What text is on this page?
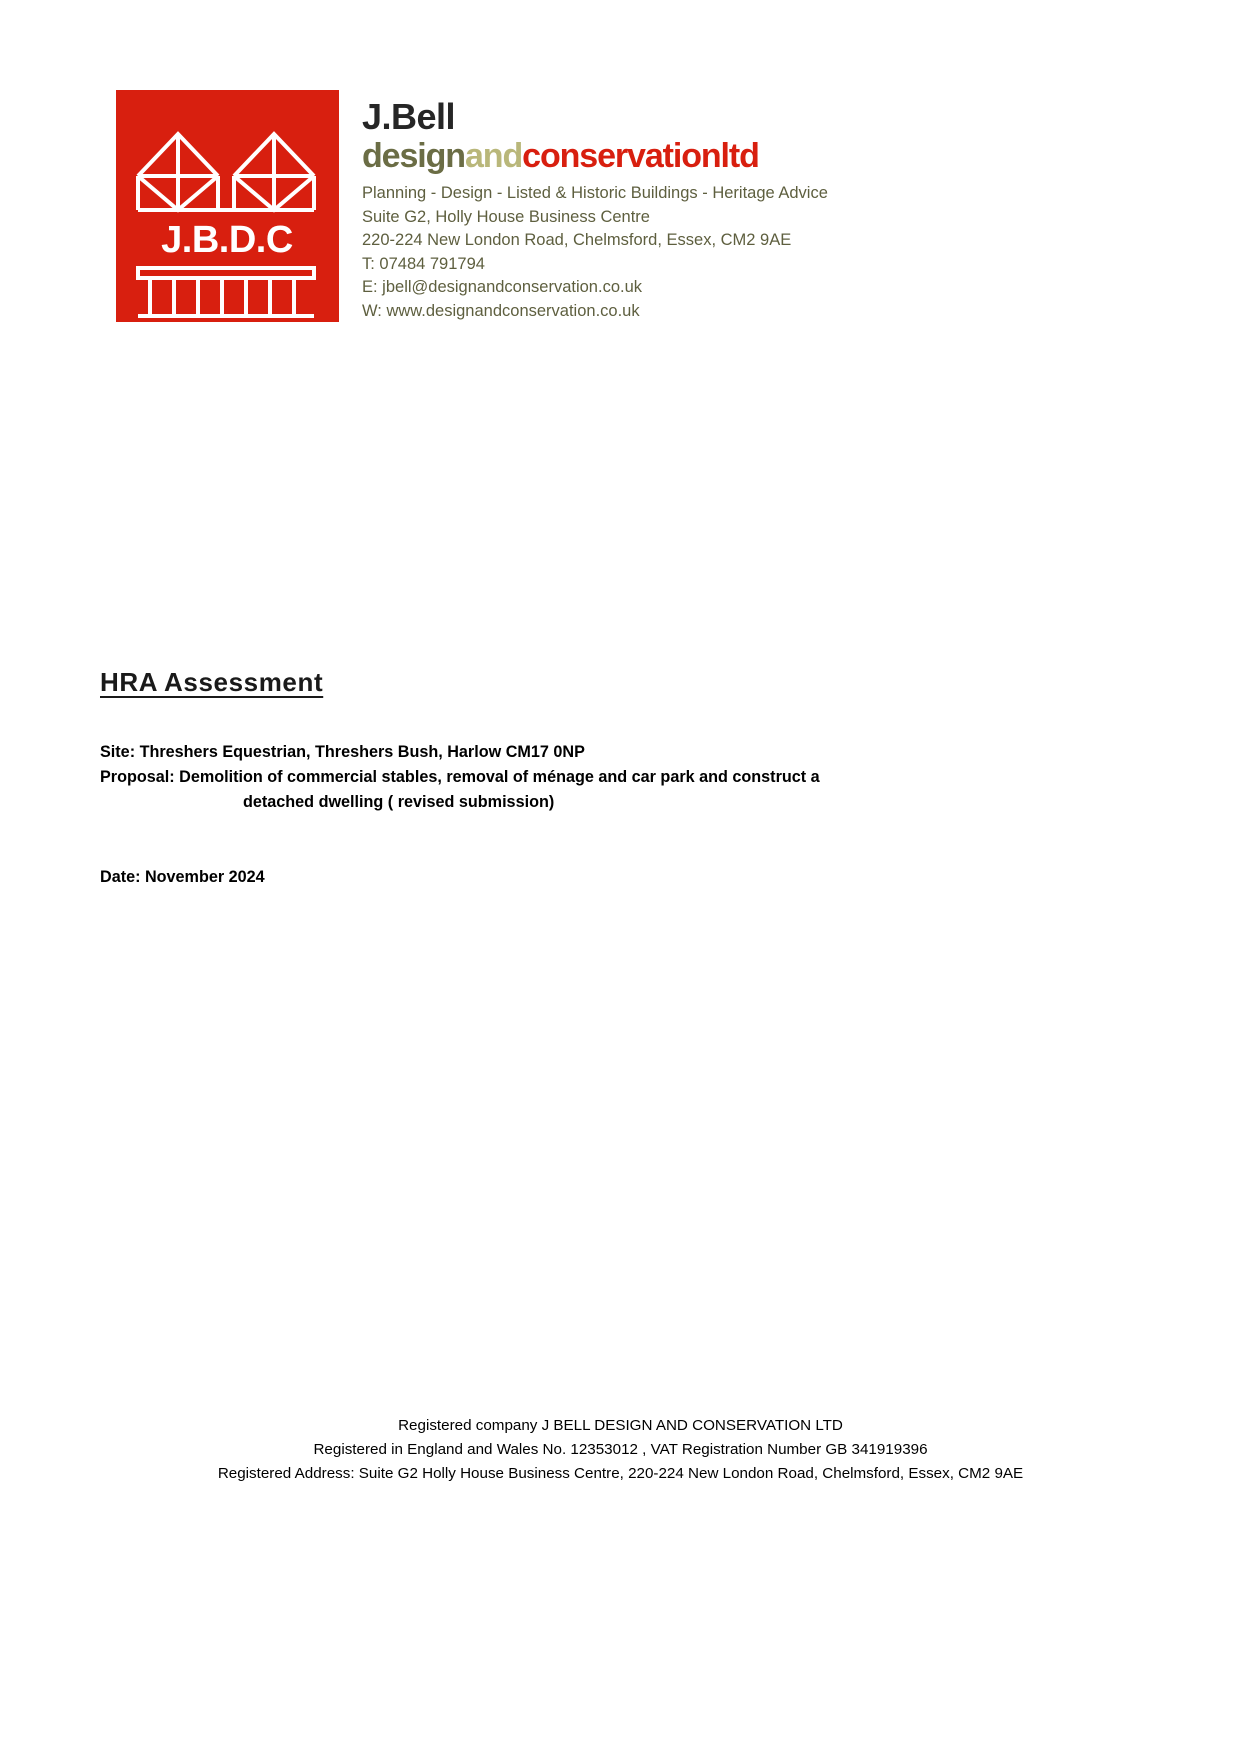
J.B.D.C
J.Bell
designandconservationltd
Planning - Design - Listed & Historic Buildings - Heritage Advice
Suite G2, Holly House Business Centre
220-224 New London Road, Chelmsford, Essex, CM2 9AE
T: 07484 791794
E: jbell@designandconservation.co.uk
W: www.designandconservation.co.uk
HRA Assessment
Site: Threshers Equestrian, Threshers Bush, Harlow CM17 0NP
Proposal: Demolition of commercial stables, removal of ménage and car park and construct a
detached dwelling ( revised submission)
Date: November 2024
Registered company J BELL DESIGN AND CONSERVATION LTD
Registered in England and Wales No. 12353012 , VAT Registration Number GB 341919396
Registered Address: Suite G2 Holly House Business Centre, 220-224 New London Road, Chelmsford, Essex, CM2 9AE
